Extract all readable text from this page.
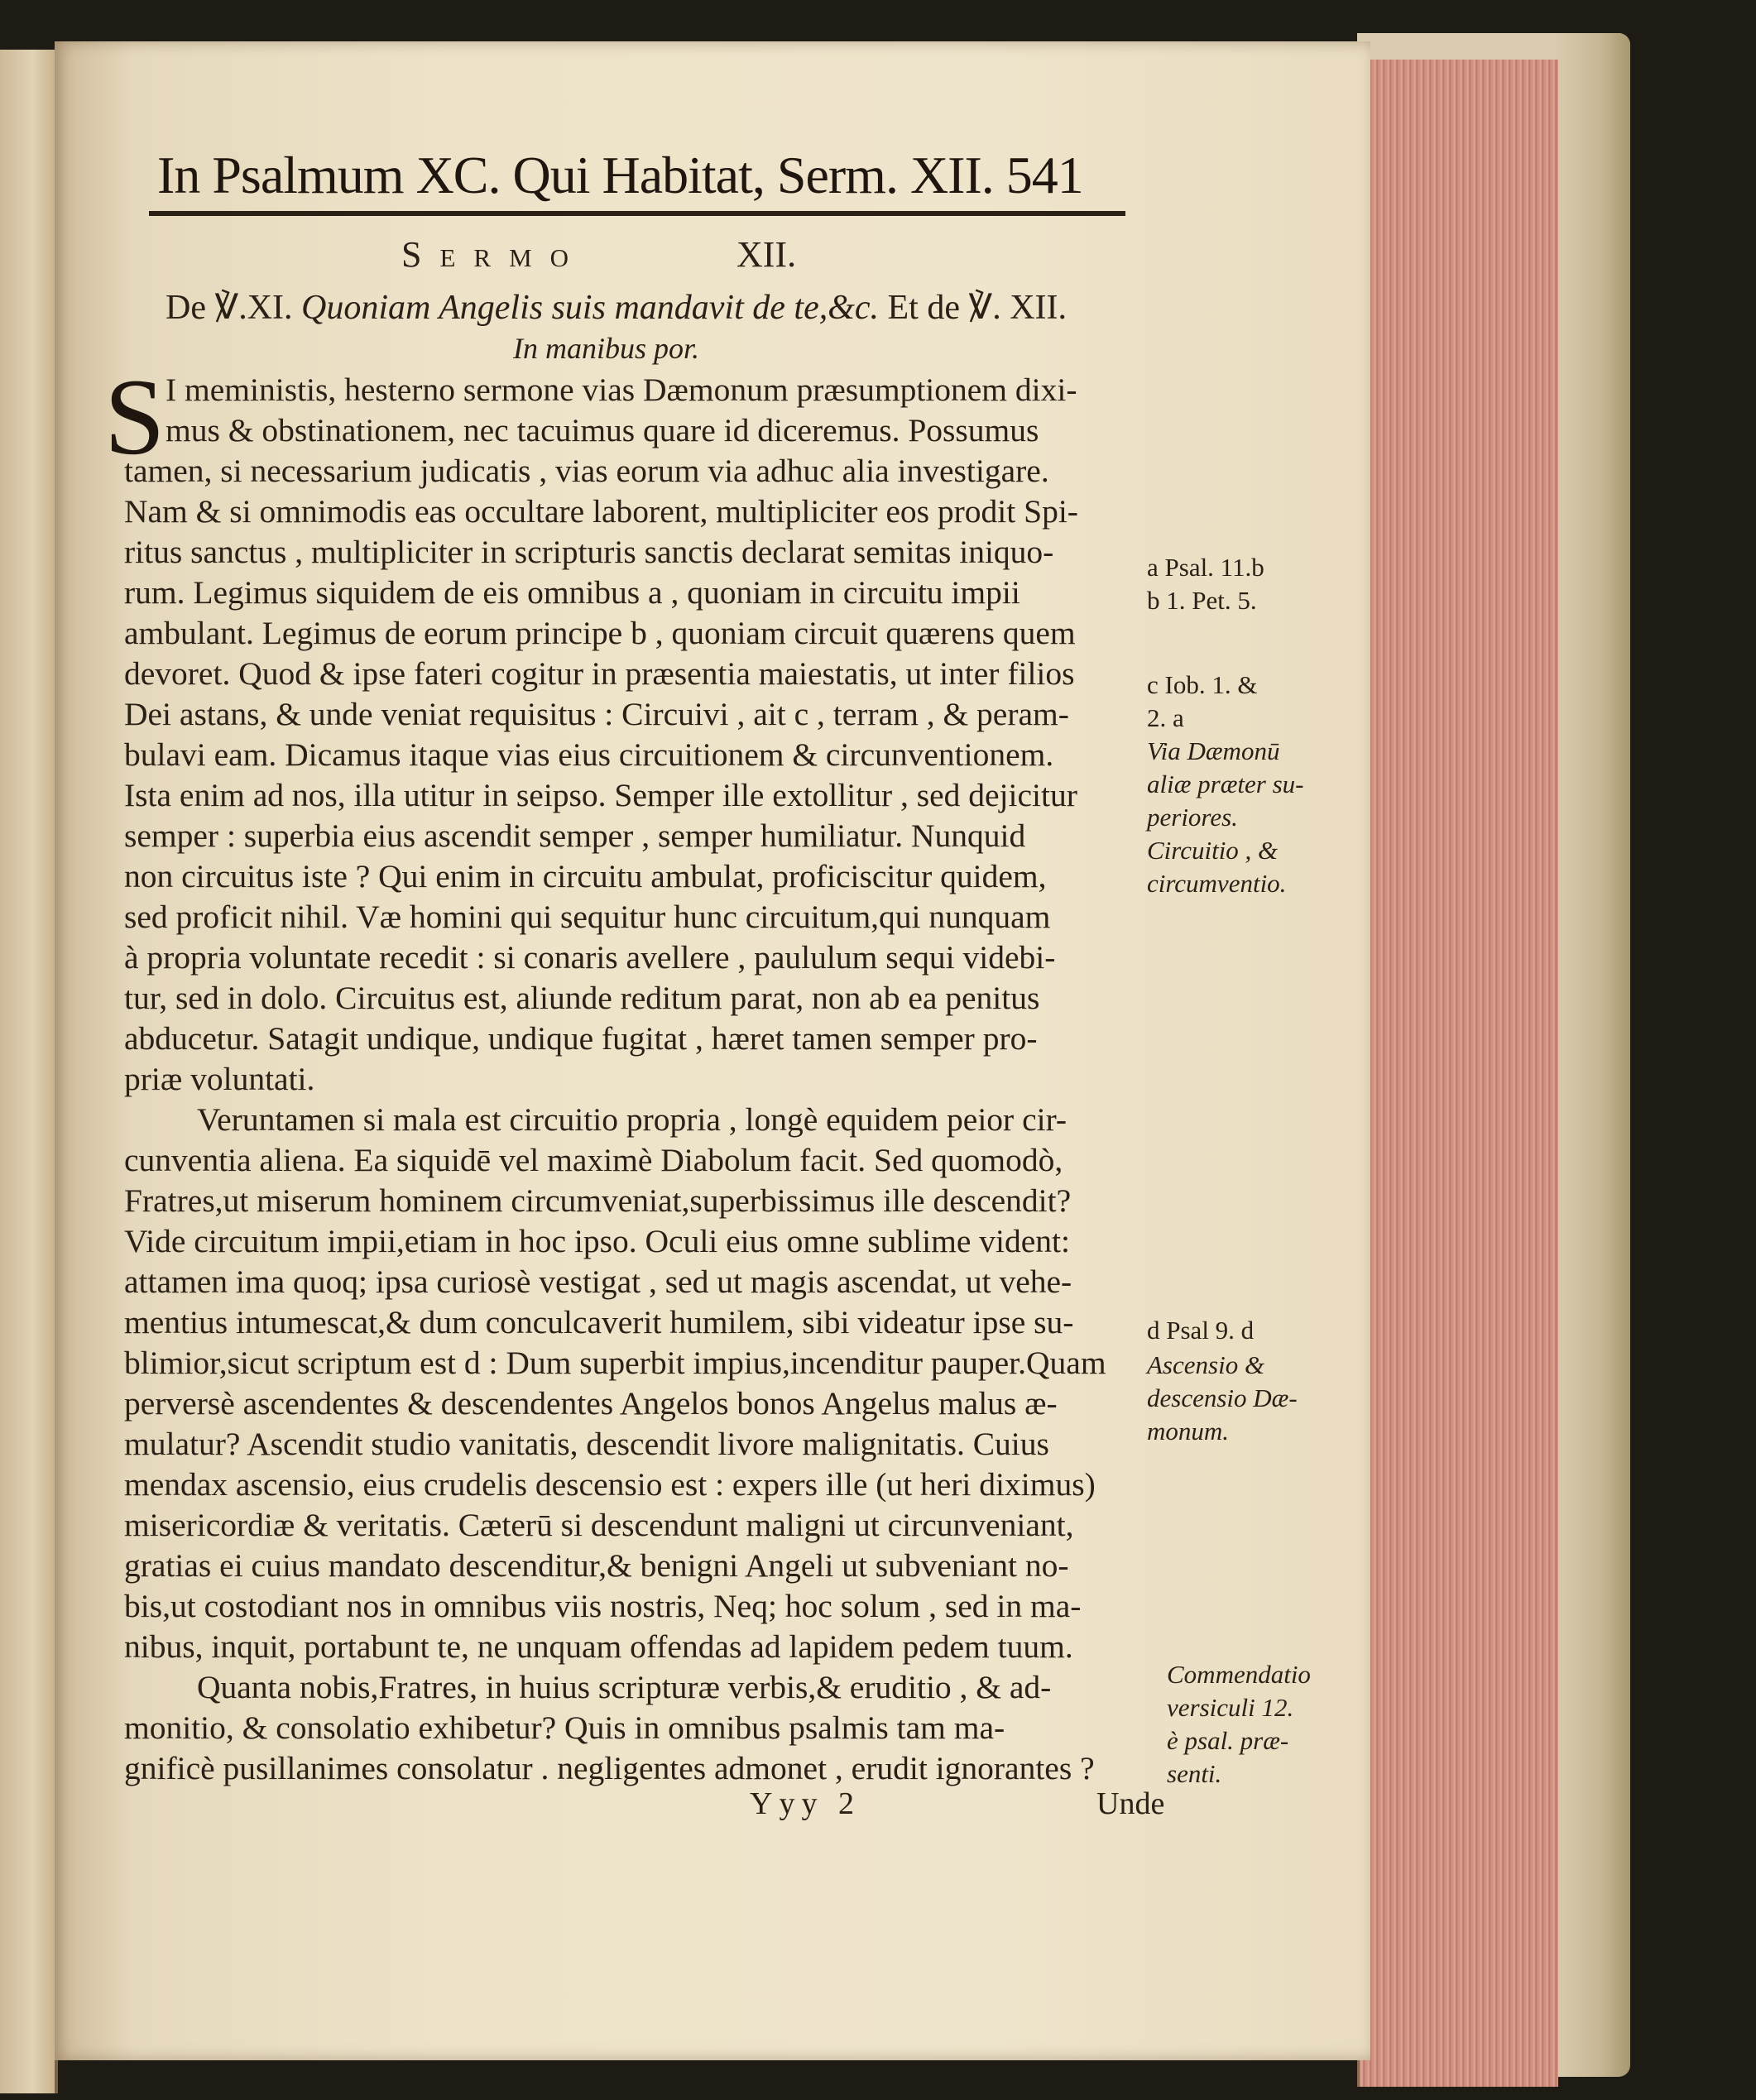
In Psalmum XC. Qui Habitat, Serm. XII. 541
Sermo	XII.
De ℣.XI. Quoniam Angelis suis mandavit de te,&c. Et de ℣. XII.
In manibus por.
S I meministis, hesterno sermone vias Dæmonum præsumptionem dixi-
mus & obstinationem, nec tacuimus quare id diceremus. Possumus
tamen, si necessarium judicatis , vias eorum via adhuc alia investigare.
Nam & si omnimodis eas occultare laborent, multipliciter eos prodit Spi-
ritus sanctus , multipliciter in scripturis sanctis declarat semitas iniquo-
rum. Legimus siquidem de eis omnibus a , quoniam in circuitu impii
ambulant. Legimus de eorum principe b , quoniam circuit quærens quem
devoret. Quod & ipse fateri cogitur in præsentia maiestatis, ut inter filios
Dei astans, & unde veniat requisitus : Circuivi , ait c , terram , & peram-
bulavi eam. Dicamus itaque vias eius circuitionem & circunventionem.
Ista enim ad nos, illa utitur in seipso. Semper ille extollitur , sed dejicitur
semper : superbia eius ascendit semper , semper humiliatur. Nunquid
non circuitus iste ? Qui enim in circuitu ambulat, proficiscitur quidem,
sed proficit nihil. Væ homini qui sequitur hunc circuitum,qui nunquam
à propria voluntate recedit : si conaris avellere , paululum sequi videbi-
tur, sed in dolo. Circuitus est, aliunde reditum parat, non ab ea penitus
abducetur. Satagit undique, undique fugitat , hæret tamen semper pro-
priæ voluntati.
Veruntamen si mala est circuitio propria , longè equidem peior cir-
cunventia aliena. Ea siquidē vel maximè Diabolum facit. Sed quomodò,
Fratres,ut miserum hominem circumveniat,superbissimus ille descendit?
Vide circuitum impii,etiam in hoc ipso. Oculi eius omne sublime vident:
attamen ima quoq; ipsa curiosè vestigat , sed ut magis ascendat, ut vehe-
mentius intumescat,& dum conculcaverit humilem, sibi videatur ipse su-
blimior,sicut scriptum est d : Dum superbit impius,incenditur pauper.Quam
perversè ascendentes & descendentes Angelos bonos Angelus malus æ-
mulatur? Ascendit studio vanitatis, descendit livore malignitatis. Cuius
mendax ascensio, eius crudelis descensio est : expers ille (ut heri diximus)
misericordiæ & veritatis. Cæterū si descendunt maligni ut circunveniant,
gratias ei cuius mandato descenditur,& benigni Angeli ut subveniant no-
bis,ut costodiant nos in omnibus viis nostris, Neq; hoc solum , sed in ma-
nibus, inquit, portabunt te, ne unquam offendas ad lapidem pedem tuum.
Quanta nobis,Fratres, in huius scripturæ verbis,& eruditio , & ad-
monitio, & consolatio exhibetur? Quis in omnibus psalmis tam ma-
gnificè pusillanimes consolatur . negligentes admonet , erudit ignorantes ?
a Psal. 11.b
b 1. Pet. 5.
c Iob. 1. &
2. a
Via Dæmonū
aliæ præter su-
periores.
Circuitio , &
circumventio.
d Psal 9. d
Ascensio &
descensio Dæ-
monum.
Commendatio
versiculi 12.
è psal. præ-
senti.
Yyy 2	Unde
